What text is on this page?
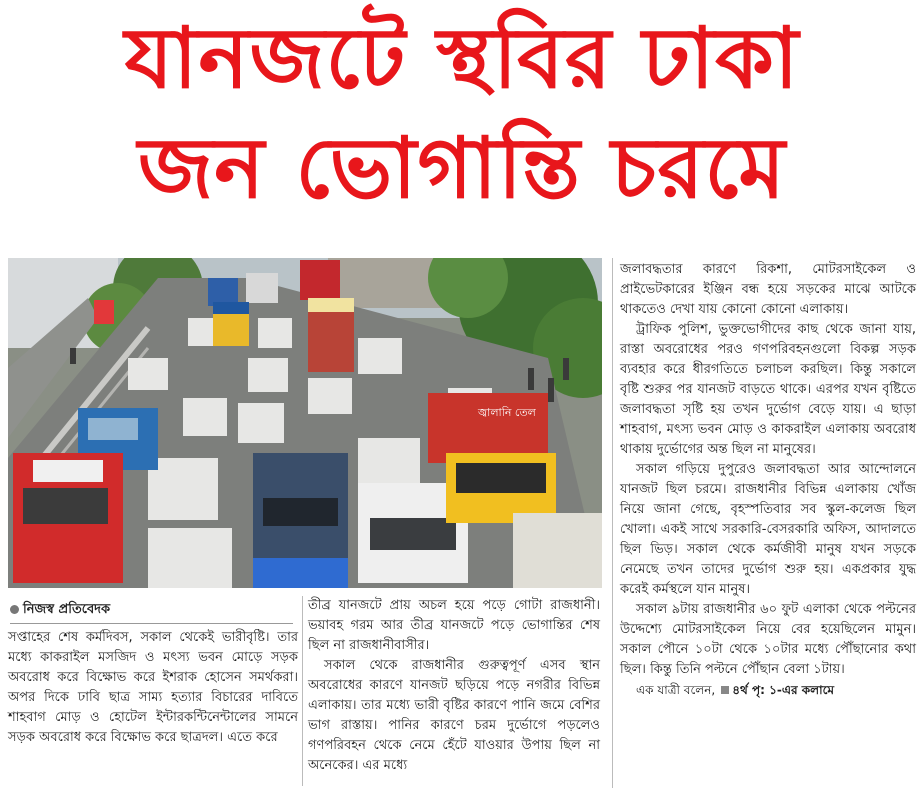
যানজটে স্থবির ঢাকা
জন ভোগান্তি চরমে
জ্বালানি তেল
নিজস্ব প্রতিবেদক

সপ্তাহের শেষ কর্মদিবস, সকাল থেকেই ভারীবৃষ্টি। তার মধ্যে কাকরাইল মসজিদ ও মৎস্য ভবন মোড়ে সড়ক অবরোধ করে বিক্ষোভ করে ইশরাক হোসেন সমর্থকরা। অপর দিকে ঢাবি ছাত্র সাম্য হত্যার বিচারের দাবিতে শাহবাগ মোড় ও হোটেল ইন্টারকন্টিনেন্টালের সামনে সড়ক অবরোধ করে বিক্ষোভ করে ছাত্রদল। এতে করে

তীব্র যানজটে প্রায় অচল হয়ে পড়ে গোটা রাজধানী। ভয়াবহ গরম আর তীব্র যানজটে পড়ে ভোগান্তির শেষ ছিল না রাজধানীবাসীর।

সকাল থেকে রাজধানীর গুরুত্বপূর্ণ এসব স্থান অবরোধের কারণে যানজট ছড়িয়ে পড়ে নগরীর বিভিন্ন এলাকায়। তার মধ্যে ভারী বৃষ্টির কারণে পানি জমে বেশির ভাগ রাস্তায়। পানির কারণে চরম দুর্ভোগে পড়লেও গণপরিবহন থেকে নেমে হেঁটে যাওয়ার উপায় ছিল না অনেকের। এর মধ্যে

জলাবদ্ধতার কারণে রিকশা, মোটরসাইকেল ও প্রাইভেটকারের ইঞ্জিন বন্ধ হয়ে সড়কের মাঝে আটকে থাকতেও দেখা যায় কোনো কোনো এলাকায়।

ট্রাফিক পুলিশ, ভুক্তভোগীদের কাছ থেকে জানা যায়, রাস্তা অবরোধের পরও গণপরিবহনগুলো বিকল্প সড়ক ব্যবহার করে ধীরগতিতে চলাচল করছিল। কিন্তু সকালে বৃষ্টি শুরুর পর যানজট বাড়তে থাকে। এরপর যখন বৃষ্টিতে জলাবদ্ধতা সৃষ্টি হয় তখন দুর্ভোগ বেড়ে যায়। এ ছাড়া শাহবাগ, মৎস্য ভবন মোড় ও কাকরাইল এলাকায় অবরোধ থাকায় দুর্ভোগের অন্ত ছিল না মানুষের।

সকাল গড়িয়ে দুপুরেও জলাবদ্ধতা আর আন্দোলনে যানজট ছিল চরমে। রাজধানীর বিভিন্ন এলাকায় খোঁজ নিয়ে জানা গেছে, বৃহস্পতিবার সব স্কুল-কলেজ ছিল খোলা। একই সাথে সরকারি-বেসরকারি অফিস, আদালতে ছিল ভিড়। সকাল থেকে কর্মজীবী মানুষ যখন সড়কে নেমেছে তখন তাদের দুর্ভোগ শুরু হয়। একপ্রকার যুদ্ধ করেই কর্মস্থলে যান মানুষ।

সকাল ৯টায় রাজধানীর ৬০ ফুট এলাকা থেকে পল্টনের উদ্দেশ্যে মোটরসাইকেল নিয়ে বের হয়েছিলেন মামুন। সকাল পৌনে ১০টা থেকে ১০টার মধ্যে পৌঁছানোর কথা ছিল। কিন্তু তিনি পল্টনে পৌঁছান বেলা ১টায়।

এক যাত্রী বলেন, ৪র্থ পৃ: ১-এর কলামে
